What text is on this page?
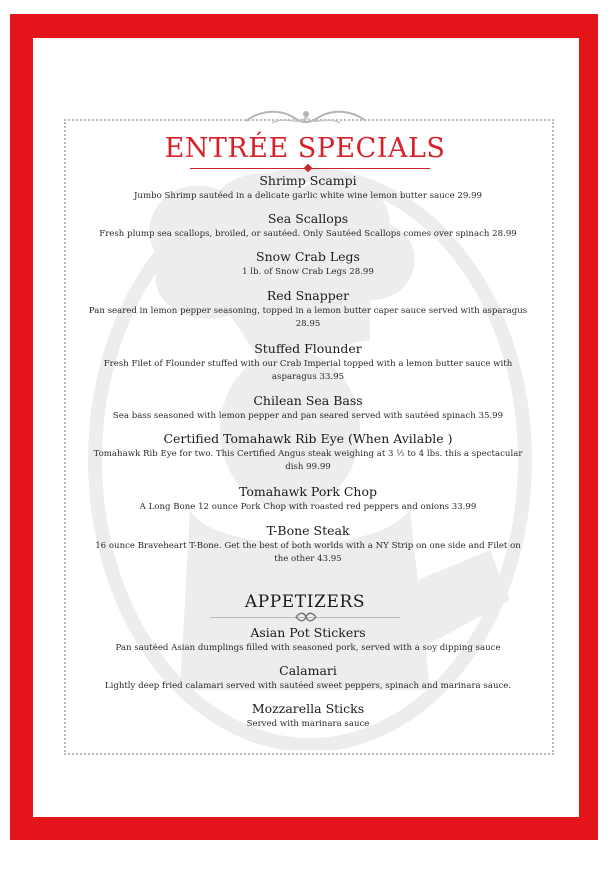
ENTRÉE SPECIALS
Shrimp Scampi
Jumbo Shrimp sautéed in a delicate garlic white wine lemon butter sauce 29.99
Sea Scallops
Fresh plump sea scallops, broiled, or sautéed. Only Sautéed Scallops comes over spinach 28.99
Snow Crab Legs
1 lb. of Snow Crab Legs 28.99
Red Snapper
Pan seared in lemon pepper seasoning, topped in a lemon butter caper sauce served with asparagus 28.95
Stuffed Flounder
Fresh Filet of Flounder stuffed with our Crab Imperial topped with a lemon butter sauce with asparagus 33.95
Chilean Sea Bass
Sea bass seasoned with lemon pepper and pan seared served with sautéed spinach 35.99
Certified Tomahawk Rib Eye (When Avilable )
Tomahawk Rib Eye for two. This Certified Angus steak weighing at 3 ½ to 4 lbs. this a spectacular dish 99.99
Tomahawk Pork Chop
A Long Bone 12 ounce Pork Chop with roasted red peppers and onions 33.99
T-Bone Steak
16 ounce Braveheart T-Bone. Get the best of both worlds with a NY Strip on one side and Filet on the other 43.95
APPETIZERS
Asian Pot Stickers
Pan sautéed Asian dumplings filled with seasoned pork, served with a soy dipping sauce
Calamari
Lightly deep fried calamari served with sautéed sweet peppers, spinach and marinara sauce.
Mozzarella Sticks
Served with marinara sauce
